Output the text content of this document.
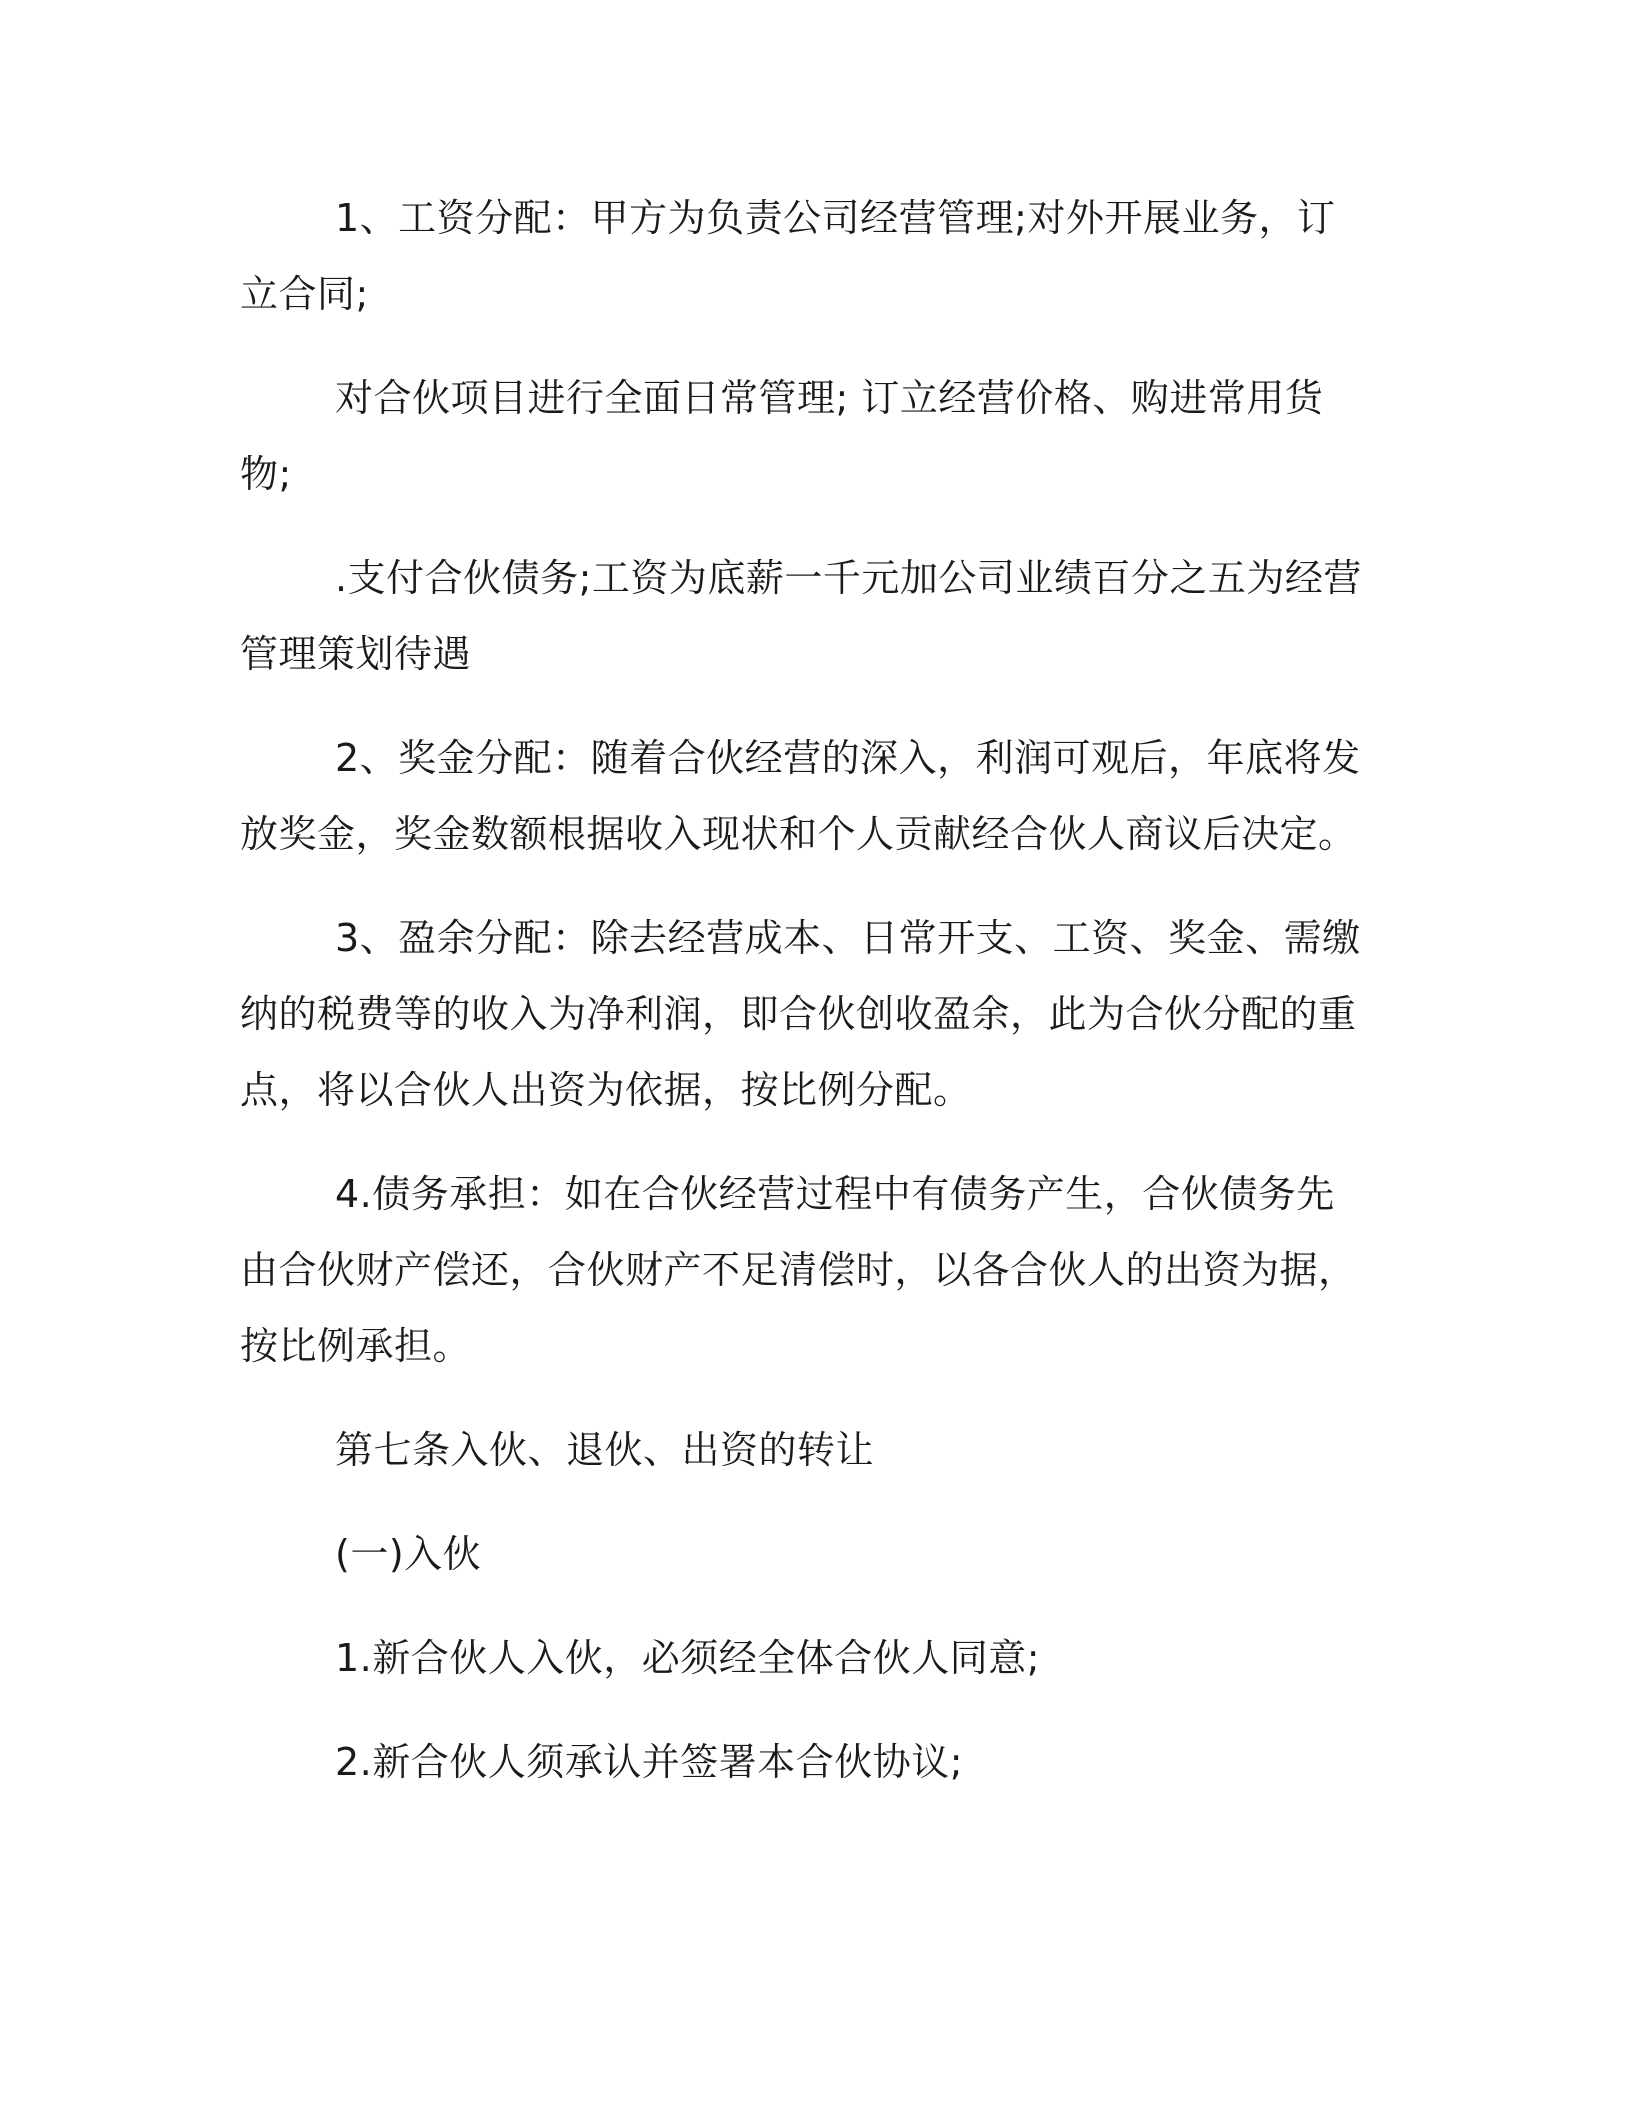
1、工资分配：甲方为负责公司经营管理;对外开展业务，订立合同;

对合伙项目进行全面日常管理; 订立经营价格、购进常用货物;

.支付合伙债务;工资为底薪一千元加公司业绩百分之五为经营管理策划待遇

2、奖金分配：随着合伙经营的深入，利润可观后，年底将发放奖金，奖金数额根据收入现状和个人贡献经合伙人商议后决定。

3、盈余分配：除去经营成本、日常开支、工资、奖金、需缴纳的税费等的收入为净利润，即合伙创收盈余，此为合伙分配的重点，将以合伙人出资为依据，按比例分配。

4.债务承担：如在合伙经营过程中有债务产生，合伙债务先由合伙财产偿还，合伙财产不足清偿时，以各合伙人的出资为据，按比例承担。

第七条入伙、退伙、出资的转让

(一)入伙

1.新合伙人入伙，必须经全体合伙人同意;

2.新合伙人须承认并签署本合伙协议;
